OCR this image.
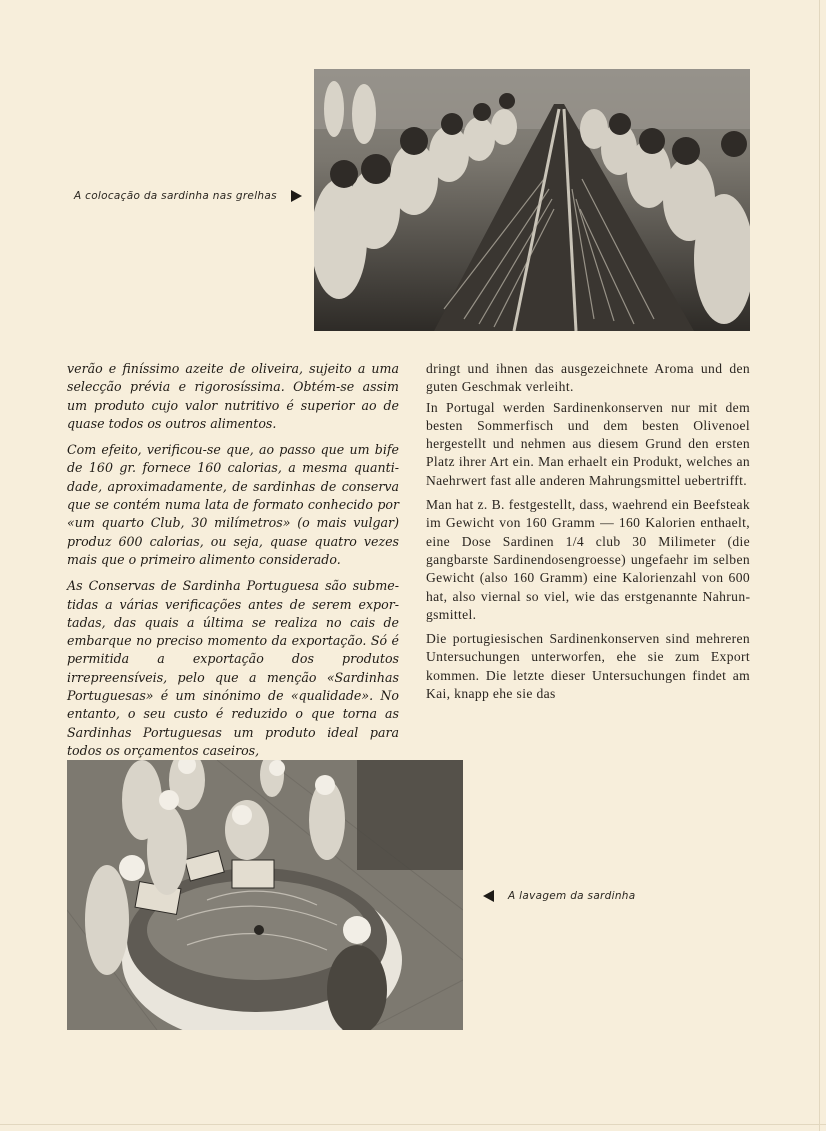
A colocação da sardinha nas grelhas

verão e finíssimo azeite de oliveira, sujeito a uma selecção prévia e rigorosíssima. Obtém-se assim um produto cujo valor nutritivo é superior ao de quase todos os outros alimentos.

Com efeito, verificou-se que, ao passo que um bife de 160 gr. fornece 160 calorias, a mesma quantidade, aproximadamente, de sardinhas de conserva que se contém numa lata de formato conhecido por «um quarto Club, 30 milímetros» (o mais vulgar) produz 600 calorias, ou seja, quase quatro vezes mais que o primeiro alimento considerado.

As Conservas de Sardinha Portuguesa são submetidas a várias verificações antes de serem exportadas, das quais a última se realiza no cais de embarque no preciso momento da exportação. Só é permitida a exportação dos produtos irrepreensíveis, pelo que a menção «Sardinhas Portuguesas» é um sinónimo de «qualidade». No entanto, o seu custo é reduzido o que torna as Sardinhas Portuguesas um produto ideal para todos os orçamentos caseiros,

dringt und ihnen das ausgezeichnete Aroma und den guten Geschmak verleiht.

In Portugal werden Sardinenkonserven nur mit dem besten Sommerfisch und dem besten Olivenoel hergestellt und nehmen aus diesem Grund den ersten Platz ihrer Art ein. Man erhaelt ein Produkt, welches an Naehrwert fast alle anderen Mahrungsmittel uebertrifft.

Man hat z. B. festgestellt, dass, waehrend ein Beefsteak im Gewicht von 160 Gramm — 160 Kalorien enthaelt, eine Dose Sardinen 1/4 club 30 Milimeter (die gangbarste Sardinendosengroesse) ungefaehr im selben Gewicht (also 160 Gramm) eine Kalorienzahl von 600 hat, also viernal so viel, wie das erstgenannte Nahrungsmittel.

Die portugiesischen Sardinenkonserven sind mehreren Untersuchungen unterworfen, ehe sie zum Export kommen. Die letzte dieser Untersuchungen findet am Kai, knapp ehe sie das

A lavagem da sardinha
